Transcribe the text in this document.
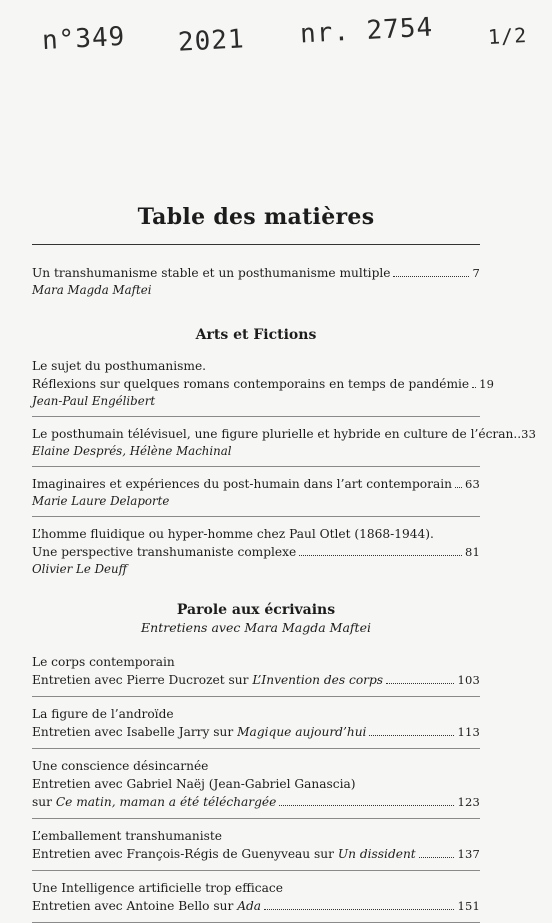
n°349 2021 nr. 2754	1/2
Table des matières
Un transhumanisme stable et un posthumanisme multiple	7
Mara Magda Maftei
Arts et Fictions
Le sujet du posthumanisme.
Réflexions sur quelques romans contemporains en temps de pandémie 19
Jean-Paul Engélibert
Le posthumain télévisuel, une figure plurielle et hybride en culture de l’écran.. 33
Elaine Després, Hélène Machinal
Imaginaires et expériences du post-humain dans l’art contemporain 63
Marie Laure Delaporte
L’homme fluidique ou hyper-homme chez Paul Otlet (1868-1944).
Une perspective transhumaniste complexe	81
Olivier Le Deuff
Parole aux écrivains
Entretiens avec Mara Magda Maftei
Le corps contemporain
Entretien avec Pierre Ducrozet sur L’Invention des corps	103
La figure de l’androïde
Entretien avec Isabelle Jarry sur Magique aujourd’hui	113
Une conscience désincarnée
Entretien avec Gabriel Naëj (Jean-Gabriel Ganascia)
sur Ce matin, maman a été téléchargée	123
L’emballement transhumaniste
Entretien avec François-Régis de Guenyveau sur Un dissident	137
Une Intelligence artificielle trop efficace
Entretien avec Antoine Bello sur Ada	151
